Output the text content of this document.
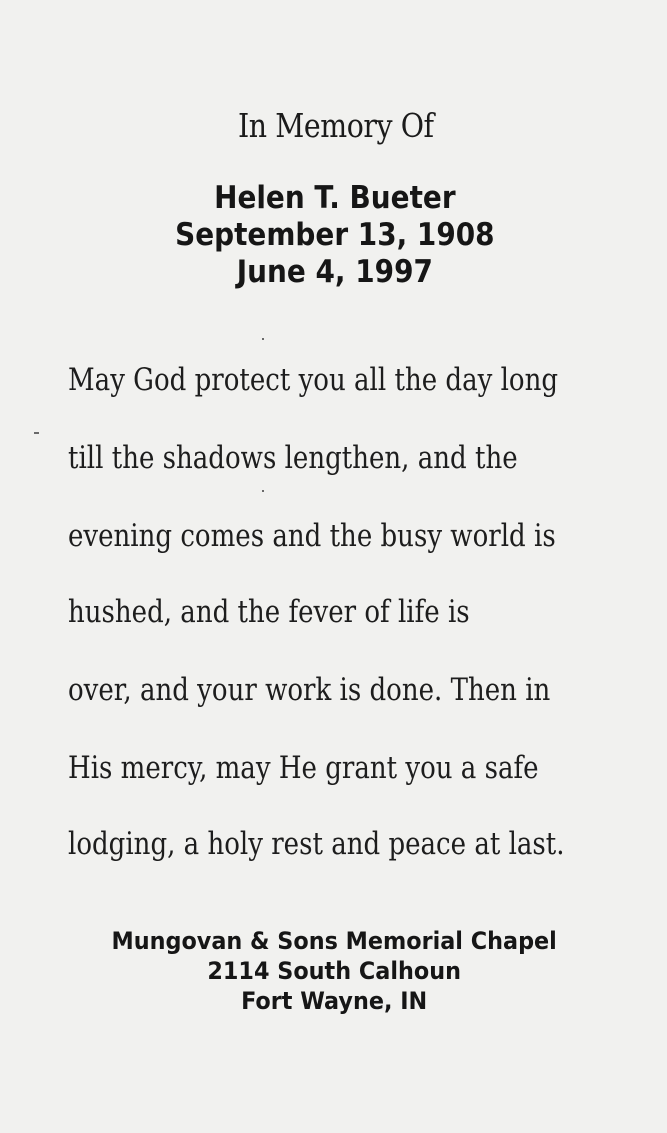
In Memory Of
Helen T. Bueter
September 13, 1908
June 4, 1997
May God protect you all the day long
till the shadows lengthen, and the
evening comes and the busy world is
hushed, and the fever of life is
over, and your work is done. Then in
His mercy, may He grant you a safe
lodging, a holy rest and peace at last.
Mungovan & Sons Memorial Chapel
2114 South Calhoun
Fort Wayne, IN
